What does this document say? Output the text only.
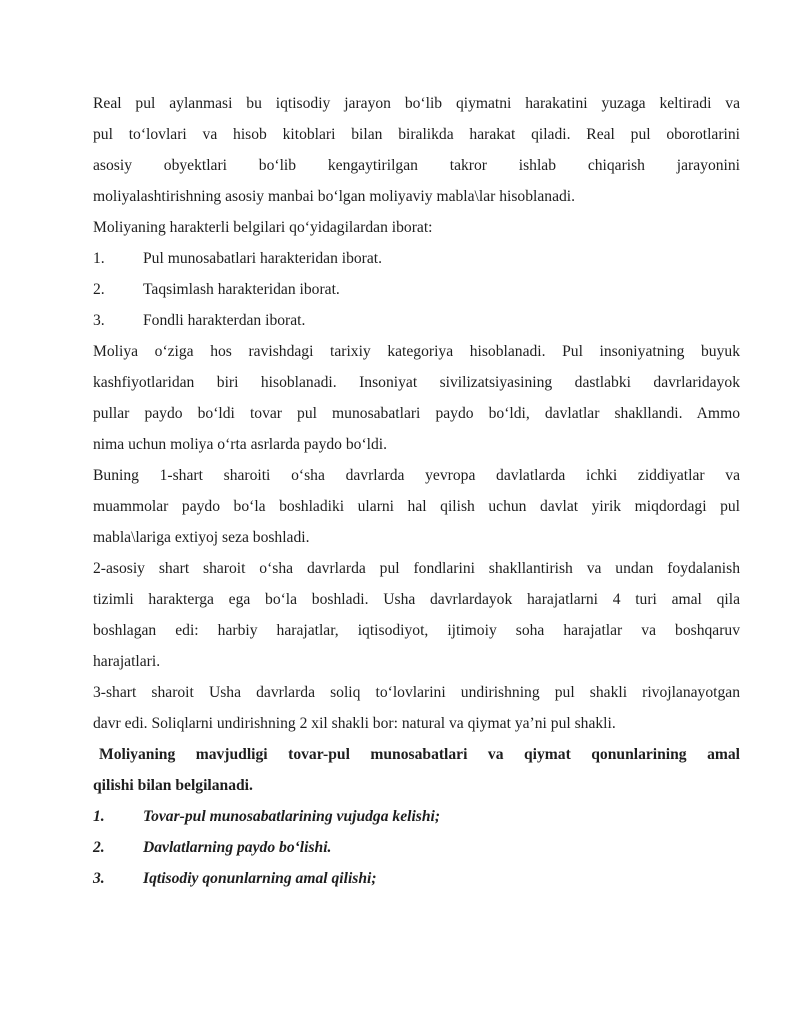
Real pul aylanmasi bu iqtisodiy jarayon bo‘lib qiymatni harakatini yuzaga keltiradi va
pul to‘lovlari va hisob kitoblari bilan biralikda harakat qiladi. Real pul oborotlarini
asosiy obyektlari bo‘lib kengaytirilgan takror ishlab chiqarish jarayonini
moliyalashtirishning asosiy manbai bo‘lgan moliyaviy mabla\lar hisoblanadi.

Moliyaning harakterli belgilari qo‘yidagilardan iborat:

1.	Pul munosabatlari harakteridan iborat.
2.	Taqsimlash harakteridan iborat.
3.	Fondli harakterdan iborat.

Moliya o‘ziga hos ravishdagi tarixiy kategoriya hisoblanadi. Pul insoniyatning buyuk
kashfiyotlaridan biri hisoblanadi. Insoniyat sivilizatsiyasining dastlabki davrlaridayok
pullar paydo bo‘ldi tovar pul munosabatlari paydo bo‘ldi, davlatlar shakllandi. Ammo
nima uchun moliya o‘rta asrlarda paydo bo‘ldi.

Buning 1-shart sharoiti o‘sha davrlarda yevropa davlatlarda ichki ziddiyatlar va
muammolar paydo bo‘la boshladiki ularni hal qilish uchun davlat yirik miqdordagi pul
mabla\lariga extiyoj seza boshladi.

2-asosiy shart sharoit o‘sha davrlarda pul fondlarini shakllantirish va undan foydalanish
tizimli harakterga ega bo‘la boshladi. Usha davrlardayok harajatlarni 4 turi amal qila
boshlagan edi: harbiy harajatlar, iqtisodiyot, ijtimoiy soha harajatlar va boshqaruv
harajatlari.

3-shart sharoit Usha davrlarda soliq to‘lovlarini undirishning pul shakli rivojlanayotgan
davr edi. Soliqlarni undirishning 2 xil shakli bor: natural va qiymat ya’ni pul shakli.

Moliyaning mavjudligi tovar-pul munosabatlari va qiymat qonunlarining amal
qilishi bilan belgilanadi.

1.	Tovar-pul munosabatlarining vujudga kelishi;
2.	Davlatlarning paydo bo‘lishi.
3.	Iqtisodiy qonunlarning amal qilishi;
